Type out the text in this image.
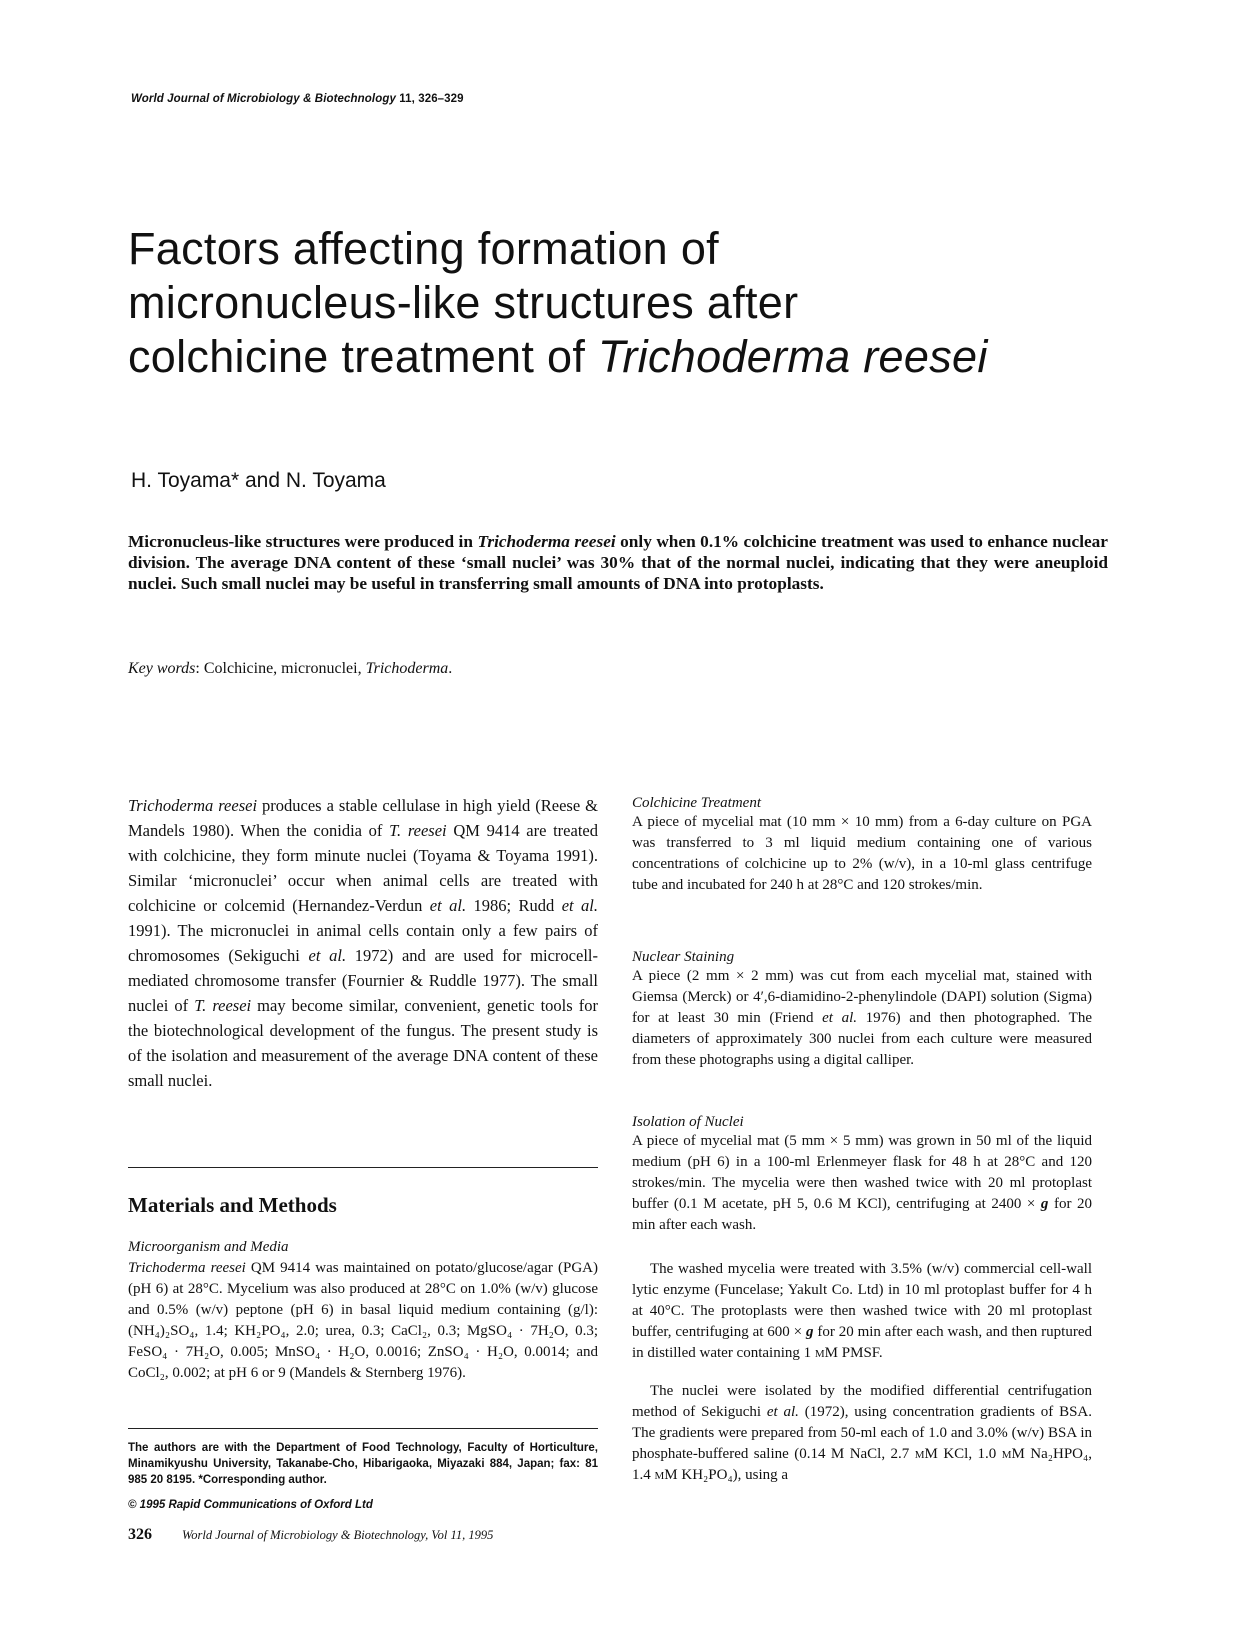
World Journal of Microbiology & Biotechnology 11, 326–329
Factors affecting formation of
micronucleus-like structures after
colchicine treatment of Trichoderma reesei
H. Toyama* and N. Toyama

Micronucleus-like structures were produced in Trichoderma reesei only when 0.1% colchicine treatment was used to enhance nuclear division. The average DNA content of these ‘small nuclei’ was 30% that of the normal nuclei, indicating that they were aneuploid nuclei. Such small nuclei may be useful in transferring small amounts of DNA into protoplasts.

Key words: Colchicine, micronuclei, Trichoderma.

Trichoderma reesei produces a stable cellulase in high yield (Reese & Mandels 1980). When the conidia of T. reesei QM 9414 are treated with colchicine, they form minute nuclei (Toyama & Toyama 1991). Similar ‘micronuclei’ occur when animal cells are treated with colchicine or colcemid (Hernandez-Verdun et al. 1986; Rudd et al. 1991). The micronuclei in animal cells contain only a few pairs of chromosomes (Sekiguchi et al. 1972) and are used for microcell-mediated chromosome transfer (Fournier & Ruddle 1977). The small nuclei of T. reesei may become similar, convenient, genetic tools for the biotechnological development of the fungus. The present study is of the isolation and measurement of the average DNA content of these small nuclei.

Materials and Methods
Microorganism and Media

Trichoderma reesei QM 9414 was maintained on potato/glucose/agar (PGA) (pH 6) at 28°C. Mycelium was also produced at 28°C on 1.0% (w/v) glucose and 0.5% (w/v) peptone (pH 6) in basal liquid medium containing (g/l): (NH₄)₂SO₄, 1.4; KH₂PO₄, 2.0; urea, 0.3; CaCl₂, 0.3; MgSO₄ · 7H₂O, 0.3; FeSO₄ · 7H₂O, 0.005; MnSO₄ · H₂O, 0.0016; ZnSO₄ · H₂O, 0.0014; and CoCl₂, 0.002; at pH 6 or 9 (Mandels & Sternberg 1976).

The authors are with the Department of Food Technology, Faculty of Horticulture, Minamikyushu University, Takanabe-Cho, Hibarigaoka, Miyazaki 884, Japan; fax: 81 985 20 8195. *Corresponding author.

© 1995 Rapid Communications of Oxford Ltd
326 World Journal of Microbiology & Biotechnology, Vol 11, 1995
Colchicine Treatment

A piece of mycelial mat (10 mm × 10 mm) from a 6-day culture on PGA was transferred to 3 ml liquid medium containing one of various concentrations of colchicine up to 2% (w/v), in a 10-ml glass centrifuge tube and incubated for 240 h at 28°C and 120 strokes/min.

Nuclear Staining

A piece (2 mm × 2 mm) was cut from each mycelial mat, stained with Giemsa (Merck) or 4′,6-diamidino-2-phenylindole (DAPI) solution (Sigma) for at least 30 min (Friend et al. 1976) and then photographed. The diameters of approximately 300 nuclei from each culture were measured from these photographs using a digital calliper.

Isolation of Nuclei

A piece of mycelial mat (5 mm × 5 mm) was grown in 50 ml of the liquid medium (pH 6) in a 100-ml Erlenmeyer flask for 48 h at 28°C and 120 strokes/min. The mycelia were then washed twice with 20 ml protoplast buffer (0.1 M acetate, pH 5, 0.6 M KCl), centrifuging at 2400 × g for 20 min after each wash.

The washed mycelia were treated with 3.5% (w/v) commercial cell-wall lytic enzyme (Funcelase; Yakult Co. Ltd) in 10 ml protoplast buffer for 4 h at 40°C. The protoplasts were then washed twice with 20 ml protoplast buffer, centrifuging at 600 × g for 20 min after each wash, and then ruptured in distilled water containing 1 mM PMSF.

The nuclei were isolated by the modified differential centrifugation method of Sekiguchi et al. (1972), using concentration gradients of BSA. The gradients were prepared from 50-ml each of 1.0 and 3.0% (w/v) BSA in phosphate-buffered saline (0.14 M NaCl, 2.7 mM KCl, 1.0 mM Na₂HPO₄, 1.4 mM KH₂PO₄), using a
